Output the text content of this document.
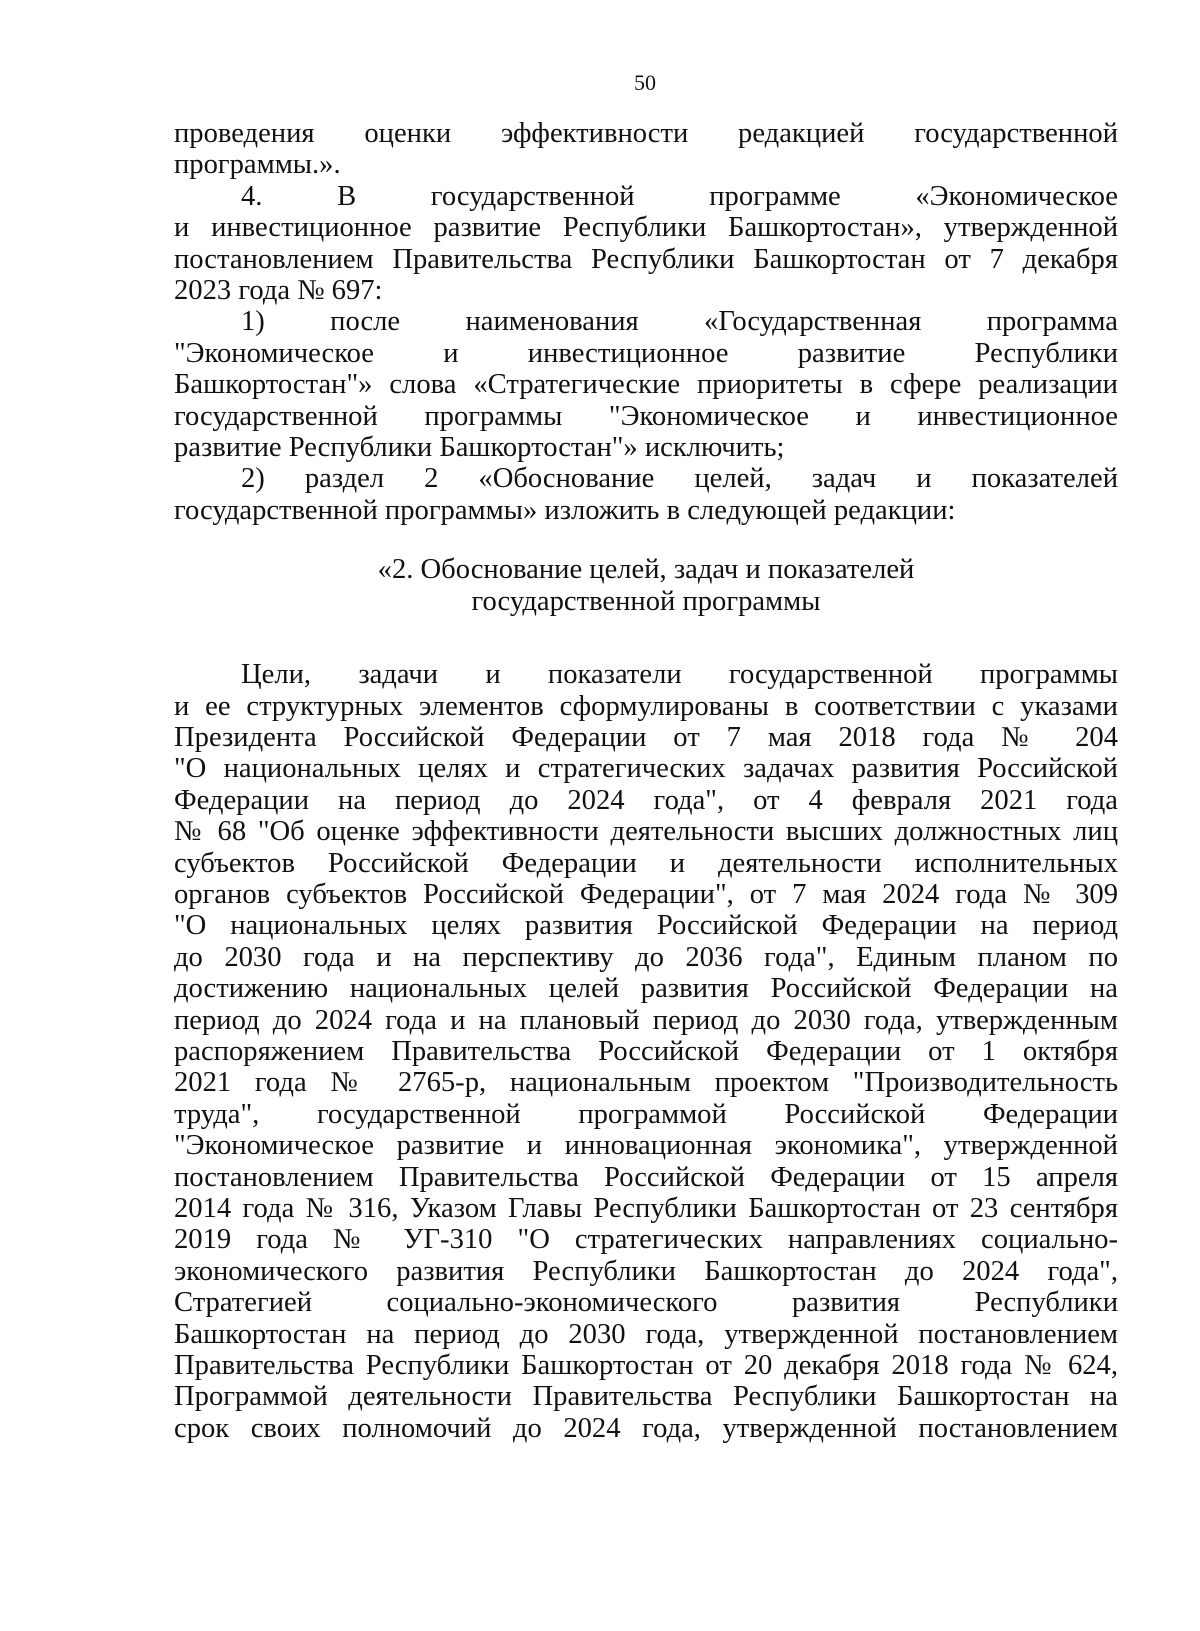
50
проведения оценки эффективности редакцией государственной
программы.».
4. В государственной программе «Экономическое
и инвестиционное развитие Республики Башкортостан», утвержденной
постановлением Правительства Республики Башкортостан от 7 декабря
2023 года № 697:
1) после наименования «Государственная программа
"Экономическое и инвестиционное развитие Республики
Башкортостан"» слова «Стратегические приоритеты в сфере реализации
государственной программы "Экономическое и инвестиционное
развитие Республики Башкортостан"» исключить;
2) раздел 2 «Обоснование целей, задач и показателей
государственной программы» изложить в следующей редакции:
«2. Обоснование целей, задач и показателей
государственной программы
Цели, задачи и показатели государственной программы
и ее структурных элементов сформулированы в соответствии с указами
Президента Российской Федерации от 7 мая 2018 года № 204
"О национальных целях и стратегических задачах развития Российской
Федерации на период до 2024 года", от 4 февраля 2021 года
№ 68 "Об оценке эффективности деятельности высших должностных лиц
субъектов Российской Федерации и деятельности исполнительных
органов субъектов Российской Федерации", от 7 мая 2024 года № 309
"О национальных целях развития Российской Федерации на период
до 2030 года и на перспективу до 2036 года", Единым планом по
достижению национальных целей развития Российской Федерации на
период до 2024 года и на плановый период до 2030 года, утвержденным
распоряжением Правительства Российской Федерации от 1 октября
2021 года № 2765-р, национальным проектом "Производительность
труда", государственной программой Российской Федерации
"Экономическое развитие и инновационная экономика", утвержденной
постановлением Правительства Российской Федерации от 15 апреля
2014 года № 316, Указом Главы Республики Башкортостан от 23 сентября
2019 года № УГ-310 "О стратегических направлениях социально-
экономического развития Республики Башкортостан до 2024 года",
Стратегией социально-экономического развития Республики
Башкортостан на период до 2030 года, утвержденной постановлением
Правительства Республики Башкортостан от 20 декабря 2018 года № 624,
Программой деятельности Правительства Республики Башкортостан на
срок своих полномочий до 2024 года, утвержденной постановлением
